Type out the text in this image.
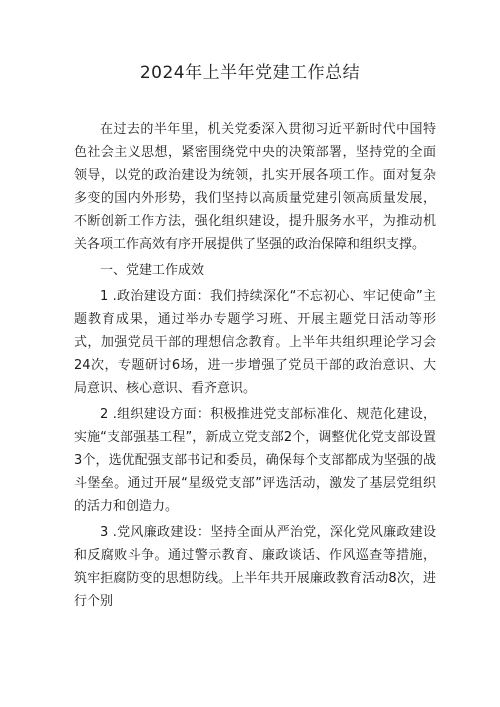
2024年上半年党建工作总结

在过去的半年里，机关党委深入贯彻习近平新时代中国特色社会主义思想，紧密围绕党中央的决策部署，坚持党的全面领导，以党的政治建设为统领，扎实开展各项工作。面对复杂多变的国内外形势，我们坚持以高质量党建引领高质量发展，不断创新工作方法，强化组织建设，提升服务水平，为推动机关各项工作高效有序开展提供了坚强的政治保障和组织支撑。

一、党建工作成效

1 .政治建设方面：我们持续深化“不忘初心、牢记使命”主题教育成果，通过举办专题学习班、开展主题党日活动等形式，加强党员干部的理想信念教育。上半年共组织理论学习会24次，专题研讨6场，进一步增强了党员干部的政治意识、大局意识、核心意识、看齐意识。

2 .组织建设方面：积极推进党支部标准化、规范化建设，实施“支部强基工程”，新成立党支部2个，调整优化党支部设置3个，选优配强支部书记和委员，确保每个支部都成为坚强的战斗堡垒。通过开展“星级党支部”评选活动，激发了基层党组织的活力和创造力。

3 .党风廉政建设：坚持全面从严治党，深化党风廉政建设和反腐败斗争。通过警示教育、廉政谈话、作风巡查等措施，筑牢拒腐防变的思想防线。上半年共开展廉政教育活动8次，进行个别
